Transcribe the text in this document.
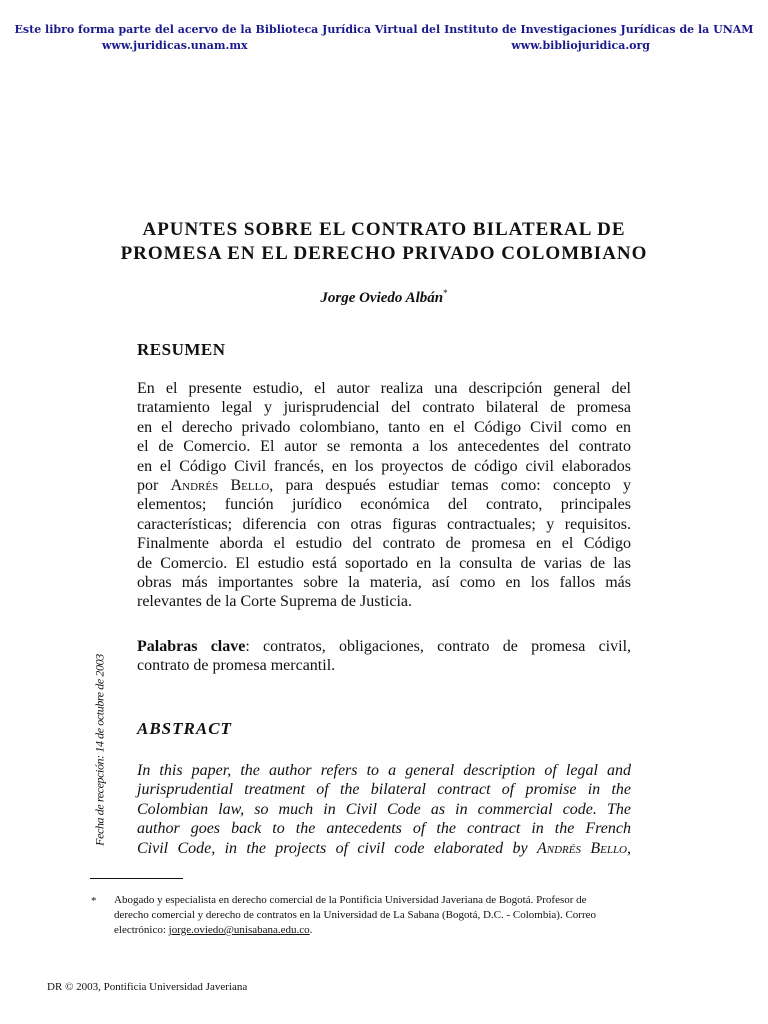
Este libro forma parte del acervo de la Biblioteca Jurídica Virtual del Instituto de Investigaciones Jurídicas de la UNAM
www.juridicas.unam.mx	www.bibliojuridica.org
APUNTES SOBRE EL CONTRATO BILATERAL DE
PROMESA EN EL DERECHO PRIVADO COLOMBIANO
Jorge Oviedo Albán*
RESUMEN
En el presente estudio, el autor realiza una descripción general del
tratamiento legal y jurisprudencial del contrato bilateral de promesa
en el derecho privado colombiano, tanto en el Código Civil como en
el de Comercio. El autor se remonta a los antecedentes del contrato
en el Código Civil francés, en los proyectos de código civil elaborados
por Andrés Bello, para después estudiar temas como: concepto y
elementos; función jurídico económica del contrato, principales
características; diferencia con otras figuras contractuales; y requisitos.
Finalmente aborda el estudio del contrato de promesa en el Código
de Comercio. El estudio está soportado en la consulta de varias de las
obras más importantes sobre la materia, así como en los fallos más
relevantes de la Corte Suprema de Justicia.
Palabras clave: contratos, obligaciones, contrato de promesa civil,
contrato de promesa mercantil.
ABSTRACT
In this paper, the author refers to a general description of legal and
jurisprudential treatment of the bilateral contract of promise in the
Colombian law, so much in Civil Code as in commercial code. The
author goes back to the antecedents of the contract in the French
Civil Code, in the projects of civil code elaborated by Andrés Bello,
Fecha de recepción: 14 de octubre de 2003
* Abogado y especialista en derecho comercial de la Pontificia Universidad Javeriana de Bogotá. Profesor de
derecho comercial y derecho de contratos en la Universidad de La Sabana (Bogotá, D.C. - Colombia). Correo
electrónico: jorge.oviedo@unisabana.edu.co.
DR © 2003, Pontificia Universidad Javeriana
